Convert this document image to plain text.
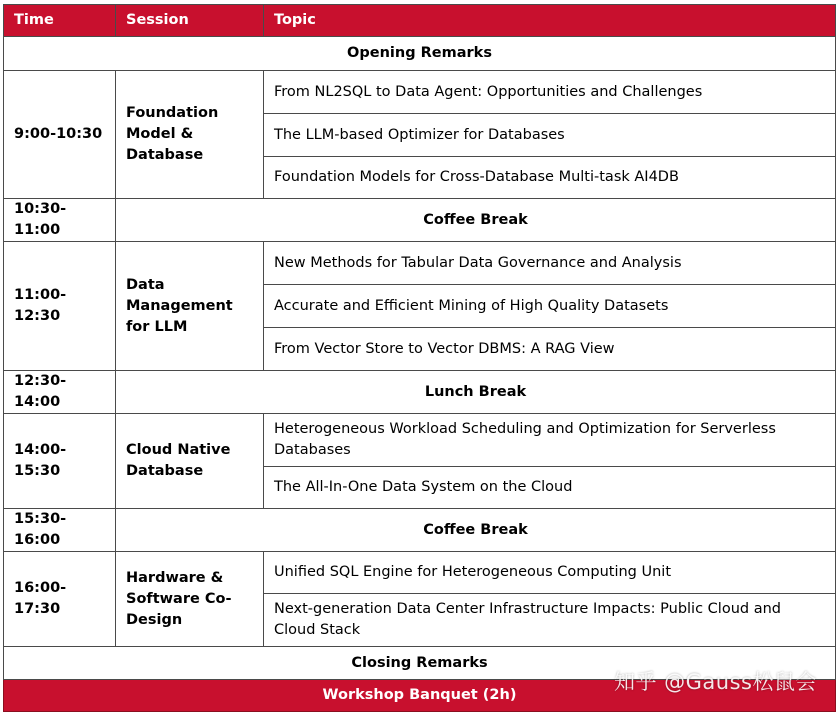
Time	Session	Topic
Opening Remarks		
9:00-10:30	Foundation Model & Database	From NL2SQL to Data Agent: Opportunities and Challenges
		The LLM-based Optimizer for Databases
		Foundation Models for Cross-Database Multi-task AI4DB
10:30-11:00	Coffee Break	
11:00-12:30	Data Management for LLM	New Methods for Tabular Data Governance and Analysis
		Accurate and Efficient Mining of High Quality Datasets
		From Vector Store to Vector DBMS: A RAG View
12:30-14:00	Lunch Break	
14:00-15:30	Cloud Native Database	Heterogeneous Workload Scheduling and Optimization for Serverless Databases
		The All-In-One Data System on the Cloud
15:30-16:00	Coffee Break	
16:00-17:30	Hardware & Software Co-Design	Unified SQL Engine for Heterogeneous Computing Unit
		Next-generation Data Center Infrastructure Impacts: Public Cloud and Cloud Stack
Closing Remarks		
Workshop Banquet (2h)		
知乎 @Gauss松鼠会
